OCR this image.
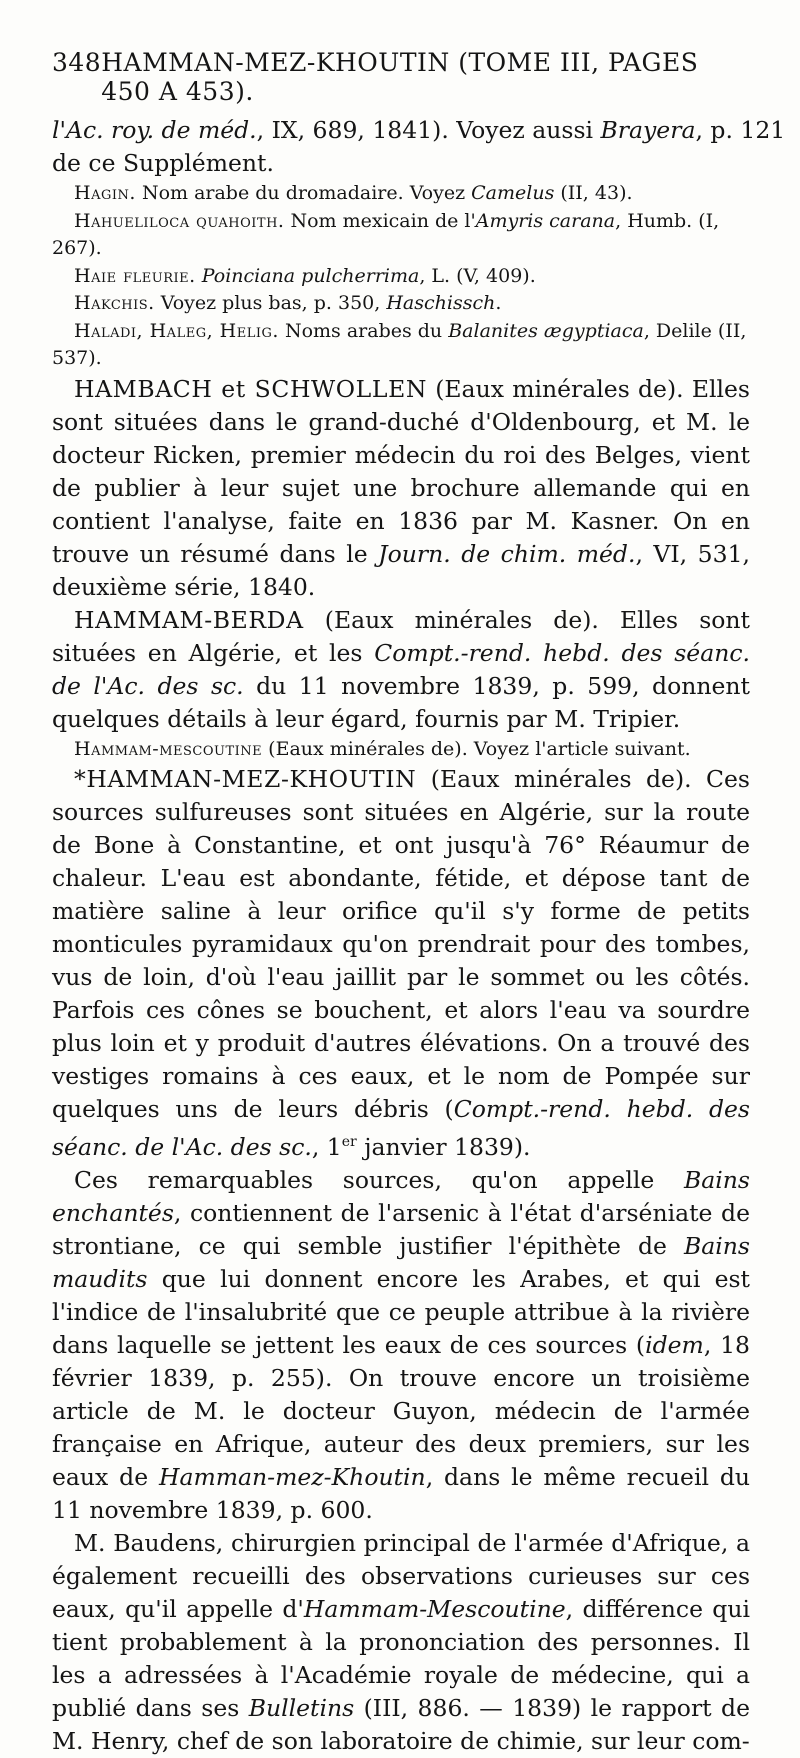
348 HAMMAN-MEZ-KHOUTIN (TOME III, PAGES 450 A 453).
l'Ac. roy. de méd., IX, 689, 1841). Voyez aussi Brayera, p. 121
de ce Supplément.
Hagin. Nom arabe du dromadaire. Voyez Camelus (II, 43).
Hahueliloca quahoith. Nom mexicain de l'Amyris carana, Humb. (I, 267).
Haie fleurie. Poinciana pulcherrima, L. (V, 409).
Hakchis. Voyez plus bas, p. 350, Haschissch.
Haladi, Haleg, Helig. Noms arabes du Balanites ægyptiaca, Delile (II, 537).
HAMBACH et SCHWOLLEN (Eaux minérales de). Elles sont situées dans le grand-duché d'Oldenbourg, et M. le docteur Ricken, premier médecin du roi des Belges, vient de publier à leur sujet une brochure allemande qui en contient l'analyse, faite en 1836 par M. Kasner. On en trouve un résumé dans le Journ. de chim. méd., VI, 531, deuxième série, 1840.
HAMMAM-BERDA (Eaux minérales de). Elles sont situées en Algérie, et les Compt.-rend. hebd. des séanc. de l'Ac. des sc. du 11 novembre 1839, p. 599, donnent quelques détails à leur égard, fournis par M. Tripier.
Hammam-mescoutine (Eaux minérales de). Voyez l'article suivant.
*HAMMAN-MEZ-KHOUTIN (Eaux minérales de). Ces sources sulfureuses sont situées en Algérie, sur la route de Bone à Constantine, et ont jusqu'à 76° Réaumur de chaleur. L'eau est abondante, fétide, et dépose tant de matière saline à leur orifice qu'il s'y forme de petits monticules pyramidaux qu'on prendrait pour des tombes, vus de loin, d'où l'eau jaillit par le sommet ou les côtés. Parfois ces cônes se bouchent, et alors l'eau va sourdre plus loin et y produit d'autres élévations. On a trouvé des vestiges romains à ces eaux, et le nom de Pompée sur quelques uns de leurs débris (Compt.-rend. hebd. des séanc. de l'Ac. des sc., 1er janvier 1839).
Ces remarquables sources, qu'on appelle Bains enchantés, contiennent de l'arsenic à l'état d'arséniate de strontiane, ce qui semble justifier l'épithète de Bains maudits que lui donnent encore les Arabes, et qui est l'indice de l'insalubrité que ce peuple attribue à la rivière dans laquelle se jettent les eaux de ces sources (idem, 18 février 1839, p. 255). On trouve encore un troisième article de M. le docteur Guyon, médecin de l'armée française en Afrique, auteur des deux premiers, sur les eaux de Hamman-mez-Khoutin, dans le même recueil du 11 novembre 1839, p. 600.
M. Baudens, chirurgien principal de l'armée d'Afrique, a également recueilli des observations curieuses sur ces eaux, qu'il appelle d'Hammam-Mescoutine, différence qui tient probablement à la prononciation des personnes. Il les a adressées à l'Académie royale de médecine, qui a publié dans ses Bulletins (III, 886. — 1839) le rapport de M. Henry, chef de son laboratoire de chimie, sur leur com-
